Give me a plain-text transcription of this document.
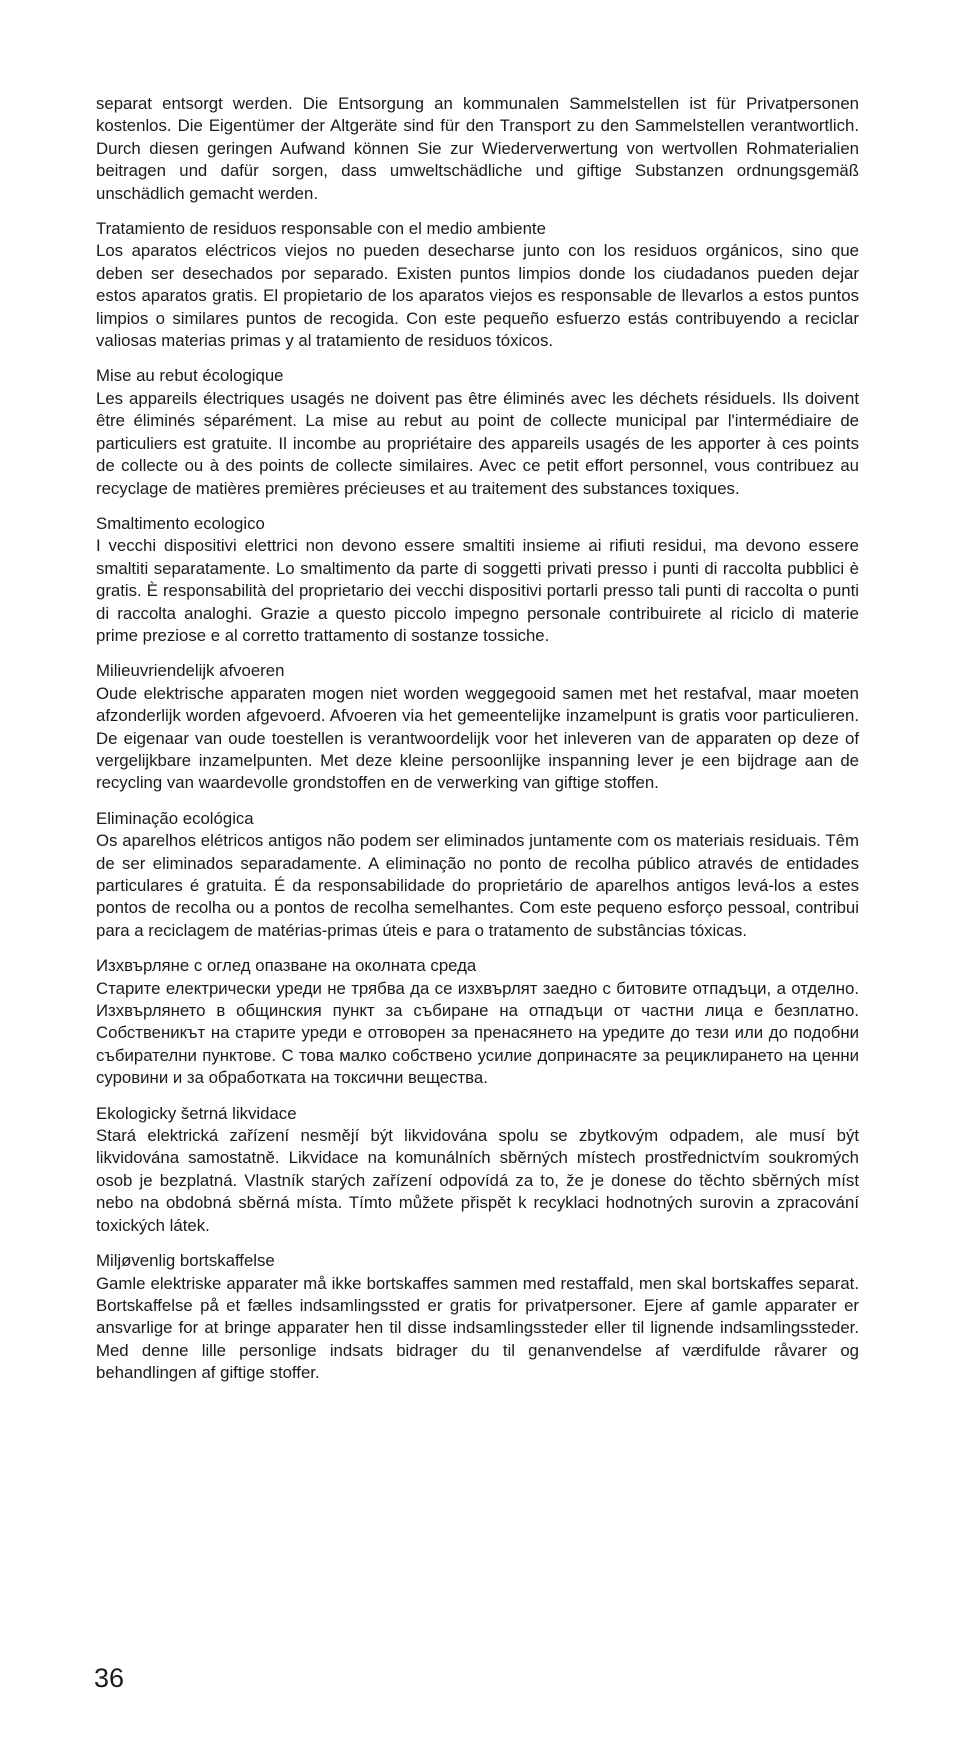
separat entsorgt werden. Die Entsorgung an kommunalen Sammelstellen ist für Privatpersonen kostenlos. Die Eigentümer der Altgeräte sind für den Transport zu den Sammelstellen verantwortlich. Durch diesen geringen Aufwand können Sie zur Wiederverwertung von wertvollen Rohmaterialien beitragen und dafür sorgen, dass umweltschädliche und giftige Substanzen ordnungsgemäß unschädlich gemacht werden.

Tratamiento de residuos responsable con el medio ambiente

Los aparatos eléctricos viejos no pueden desecharse junto con los residuos orgánicos, sino que deben ser desechados por separado. Existen puntos limpios donde los ciudadanos pueden dejar estos aparatos gratis. El propietario de los aparatos viejos es responsable de llevarlos a estos puntos limpios o similares puntos de recogida. Con este pequeño esfuerzo estás contribuyendo a reciclar valiosas materias primas y al tratamiento de residuos tóxicos.

Mise au rebut écologique

Les appareils électriques usagés ne doivent pas être éliminés avec les déchets résiduels. Ils doivent être éliminés séparément. La mise au rebut au point de collecte municipal par l'intermédiaire de particuliers est gratuite. Il incombe au propriétaire des appareils usagés de les apporter à ces points de collecte ou à des points de collecte similaires. Avec ce petit effort personnel, vous contribuez au recyclage de matières premières précieuses et au traitement des substances toxiques.

Smaltimento ecologico

I vecchi dispositivi elettrici non devono essere smaltiti insieme ai rifiuti residui, ma devono essere smaltiti separatamente. Lo smaltimento da parte di soggetti privati presso i punti di raccolta pubblici è gratis. È responsabilità del proprietario dei vecchi dispositivi portarli presso tali punti di raccolta o punti di raccolta analoghi. Grazie a questo piccolo impegno personale contribuirete al riciclo di materie prime preziose e al corretto trattamento di sostanze tossiche.

Milieuvriendelijk afvoeren

Oude elektrische apparaten mogen niet worden weggegooid samen met het restafval, maar moeten afzonderlijk worden afgevoerd. Afvoeren via het gemeentelijke inzamelpunt is gratis voor particulieren. De eigenaar van oude toestellen is verantwoordelijk voor het inleveren van de apparaten op deze of vergelijkbare inzamelpunten. Met deze kleine persoonlijke inspanning lever je een bijdrage aan de recycling van waardevolle grondstoffen en de verwerking van giftige stoffen.

Eliminação ecológica

Os aparelhos elétricos antigos não podem ser eliminados juntamente com os materiais residuais. Têm de ser eliminados separadamente. A eliminação no ponto de recolha público através de entidades particulares é gratuita. É da responsabilidade do proprietário de aparelhos antigos levá-los a estes pontos de recolha ou a pontos de recolha semelhantes. Com este pequeno esforço pessoal, contribui para a reciclagem de matérias-primas úteis e para o tratamento de substâncias tóxicas.

Изхвърляне с оглед опазване на околната среда

Старите електрически уреди не трябва да се изхвърлят заедно с битовите отпадъци, а отделно. Изхвърлянето в общинския пункт за събиране на отпадъци от частни лица е безплатно. Собственикът на старите уреди е отговорен за пренасянето на уредите до тези или до подобни събирателни пунктове. С това малко собствено усилие допринасяте за рециклирането на ценни суровини и за обработката на токсични вещества.

Ekologicky šetrná likvidace

Stará elektrická zařízení nesmějí být likvidována spolu se zbytkovým odpadem, ale musí být likvidována samostatně. Likvidace na komunálních sběrných místech prostřednictvím soukromých osob je bezplatná. Vlastník starých zařízení odpovídá za to, že je donese do těchto sběrných míst nebo na obdobná sběrná místa. Tímto můžete přispět k recyklaci hodnotných surovin a zpracování toxických látek.

Miljøvenlig bortskaffelse

Gamle elektriske apparater må ikke bortskaffes sammen med restaffald, men skal bortskaffes separat. Bortskaffelse på et fælles indsamlingssted er gratis for privatpersoner. Ejere af gamle apparater er ansvarlige for at bringe apparater hen til disse indsamlingssteder eller til lignende indsamlingssteder. Med denne lille personlige indsats bidrager du til genanvendelse af værdifulde råvarer og behandlingen af giftige stoffer.

36
